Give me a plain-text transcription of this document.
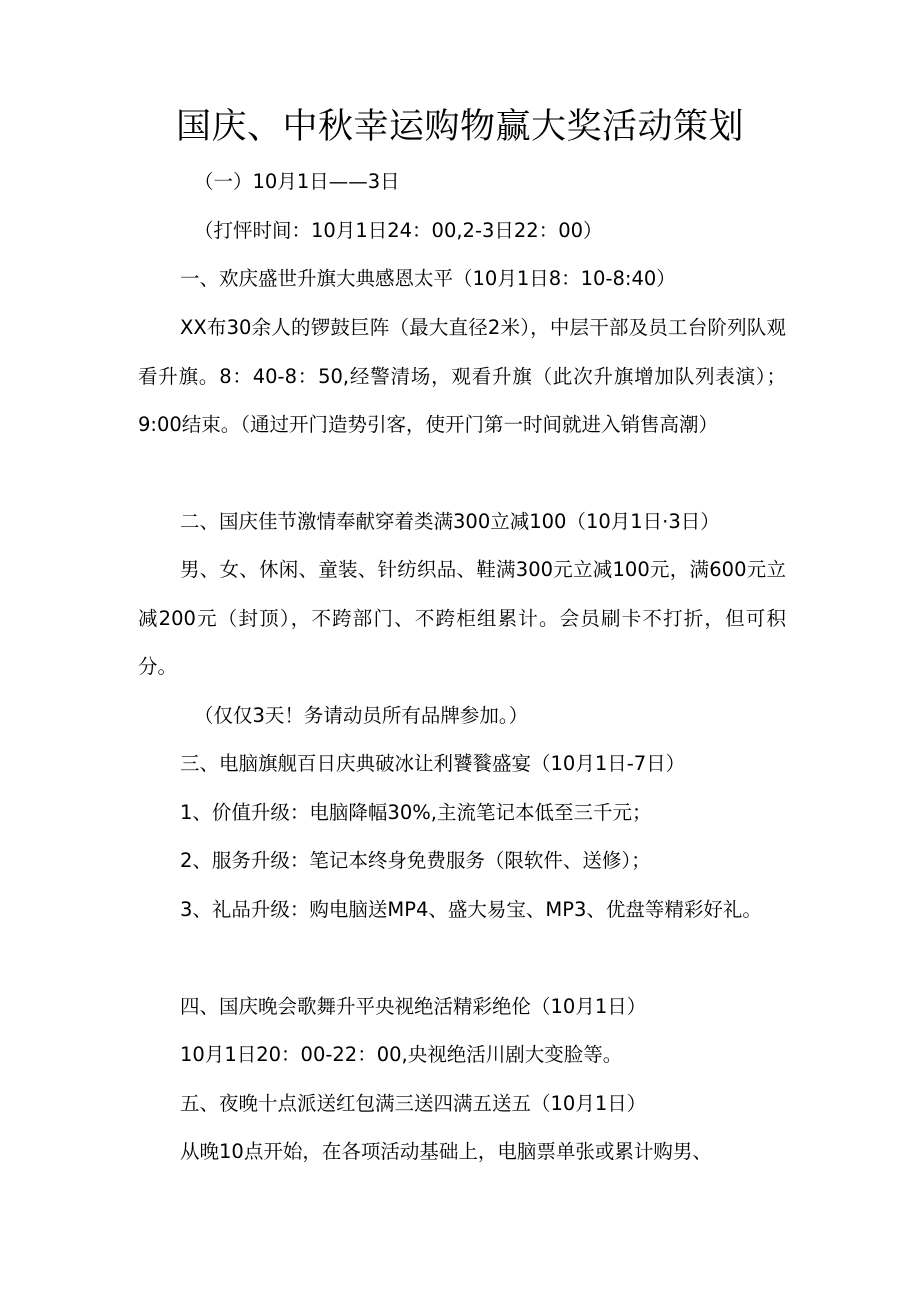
国庆、中秋幸运购物赢大奖活动策划

（一）10月1日——3日

（打怦时间：10月1日24：00,2-3日22：00）

一、欢庆盛世升旗大典感恩太平（10月1日8：10-8:40）

XX布30余人的锣鼓巨阵（最大直径2米），中层干部及员工台阶列队观看升旗。8：40-8：50,经警清场，观看升旗（此次升旗增加队列表演）；9:00结束。（通过开门造势引客，使开门第一时间就进入销售高潮）

二、国庆佳节激情奉献穿着类满300立减100（10月1日·3日）

男、女、休闲、童装、针纺织品、鞋满300元立减100元，满600元立减200元（封顶），不跨部门、不跨柜组累计。会员刷卡不打折，但可积分。

（仅仅3天！务请动员所有品牌参加。）

三、电脑旗舰百日庆典破冰让利饕餮盛宴（10月1日-7日）

1、价值升级：电脑降幅30%,主流笔记本低至三千元；

2、服务升级：笔记本终身免费服务（限软件、送修）；

3、礼品升级：购电脑送MP4、盛大易宝、MP3、优盘等精彩好礼。

四、国庆晚会歌舞升平央视绝活精彩绝伦（10月1日）

10月1日20：00-22：00,央视绝活川剧大变脸等。

五、夜晚十点派送红包满三送四满五送五（10月1日）

从晚10点开始，在各项活动基础上，电脑票单张或累计购男、
